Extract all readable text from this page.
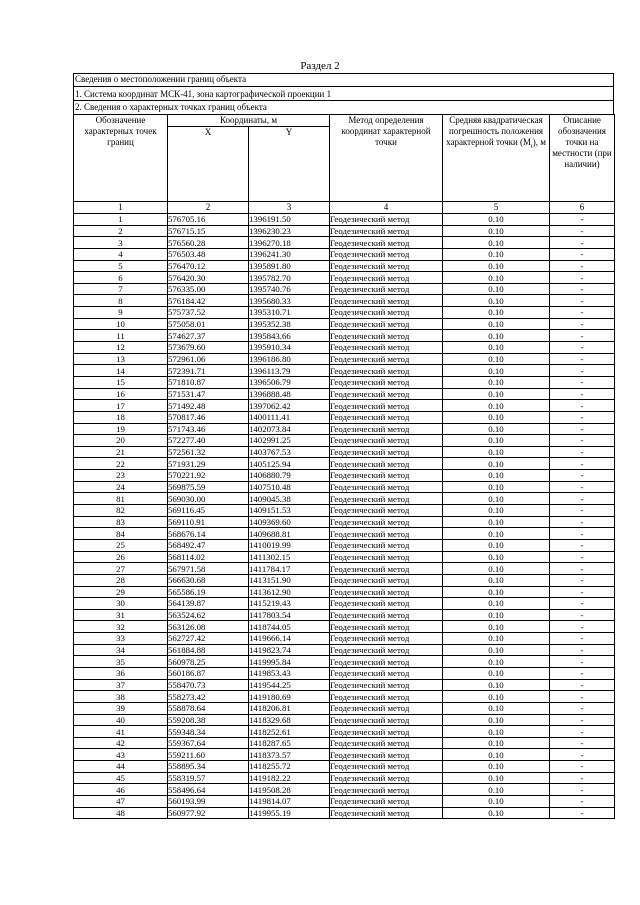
Раздел 2
Сведения о местоположении границ объекта
1. Система координат МСК-41, зона картографической проекции 1
2. Сведения о характерных точках границ объекта
Обозначение характерных точек границ	Координаты, м		Метод определения координат характерной точки	Средняя квадратическая погрешность положения характерной точки $(M_t)$, м	Описание обозначения точки на местности (при наличии)
	X	Y			
1	2	3	4	5	6
1	576705.16	1396191.50	Геодезический метод	0.10	-
2	576715.15	1396230.23	Геодезический метод	0.10	-
3	576560.28	1396270.18	Геодезический метод	0.10	-
4	576503.48	1396241.30	Геодезический метод	0.10	-
5	576470.12	1395891.80	Геодезический метод	0.10	-
6	576420.30	1395782.70	Геодезический метод	0.10	-
7	576335.00	1395740.76	Геодезический метод	0.10	-
8	576184.42	1395680.33	Геодезический метод	0.10	-
9	575737.52	1395310.71	Геодезический метод	0.10	-
10	575058.01	1395352.38	Геодезический метод	0.10	-
11	574627.37	1395843.66	Геодезический метод	0.10	-
12	573679.60	1395910.34	Геодезический метод	0.10	-
13	572961.06	1396186.80	Геодезический метод	0.10	-
14	572391.71	1396113.79	Геодезический метод	0.10	-
15	571810.87	1396506.79	Геодезический метод	0.10	-
16	571531.47	1396888.48	Геодезический метод	0.10	-
17	571492.48	1397062.42	Геодезический метод	0.10	-
18	570817.46	1400111.41	Геодезический метод	0.10	-
19	571743.46	1402073.84	Геодезический метод	0.10	-
20	572277.40	1402991.25	Геодезический метод	0.10	-
21	572561.32	1403767.53	Геодезический метод	0.10	-
22	571931.29	1405125.94	Геодезический метод	0.10	-
23	570221.92	1406880.79	Геодезический метод	0.10	-
24	569875.59	1407510.48	Геодезический метод	0.10	-
81	569030.00	1409045.38	Геодезический метод	0.10	-
82	569116.45	1409151.53	Геодезический метод	0.10	-
83	569110.91	1409369.60	Геодезический метод	0.10	-
84	568676.14	1409688.81	Геодезический метод	0.10	-
25	568492.47	1410019.99	Геодезический метод	0.10	-
26	568114.02	1411302.15	Геодезический метод	0.10	-
27	567971.58	1411784.17	Геодезический метод	0.10	-
28	566630.68	1413151.90	Геодезический метод	0.10	-
29	565586.19	1413612.90	Геодезический метод	0.10	-
30	564139.87	1415219.43	Геодезический метод	0.10	-
31	563524.62	1417803.54	Геодезический метод	0.10	-
32	563126.08	1418744.05	Геодезический метод	0.10	-
33	562727.42	1419666.14	Геодезический метод	0.10	-
34	561884.88	1419823.74	Геодезический метод	0.10	-
35	560978.25	1419995.84	Геодезический метод	0.10	-
36	560186.87	1419853.43	Геодезический метод	0.10	-
37	558470.73	1419544.25	Геодезический метод	0.10	-
38	558273.42	1419180.69	Геодезический метод	0.10	-
39	558878.64	1418206.81	Геодезический метод	0.10	-
40	559208.38	1418329.68	Геодезический метод	0.10	-
41	559348.34	1418252.61	Геодезический метод	0.10	-
42	559367.64	1418287.65	Геодезический метод	0.10	-
43	559211.60	1418373.57	Геодезический метод	0.10	-
44	558895.34	1418255.72	Геодезический метод	0.10	-
45	558319.57	1419182.22	Геодезический метод	0.10	-
46	558496.64	1419508.28	Геодезический метод	0.10	-
47	560193.99	1419814.07	Геодезический метод	0.10	-
48	560977.92	1419955.19	Геодезический метод	0.10	-
